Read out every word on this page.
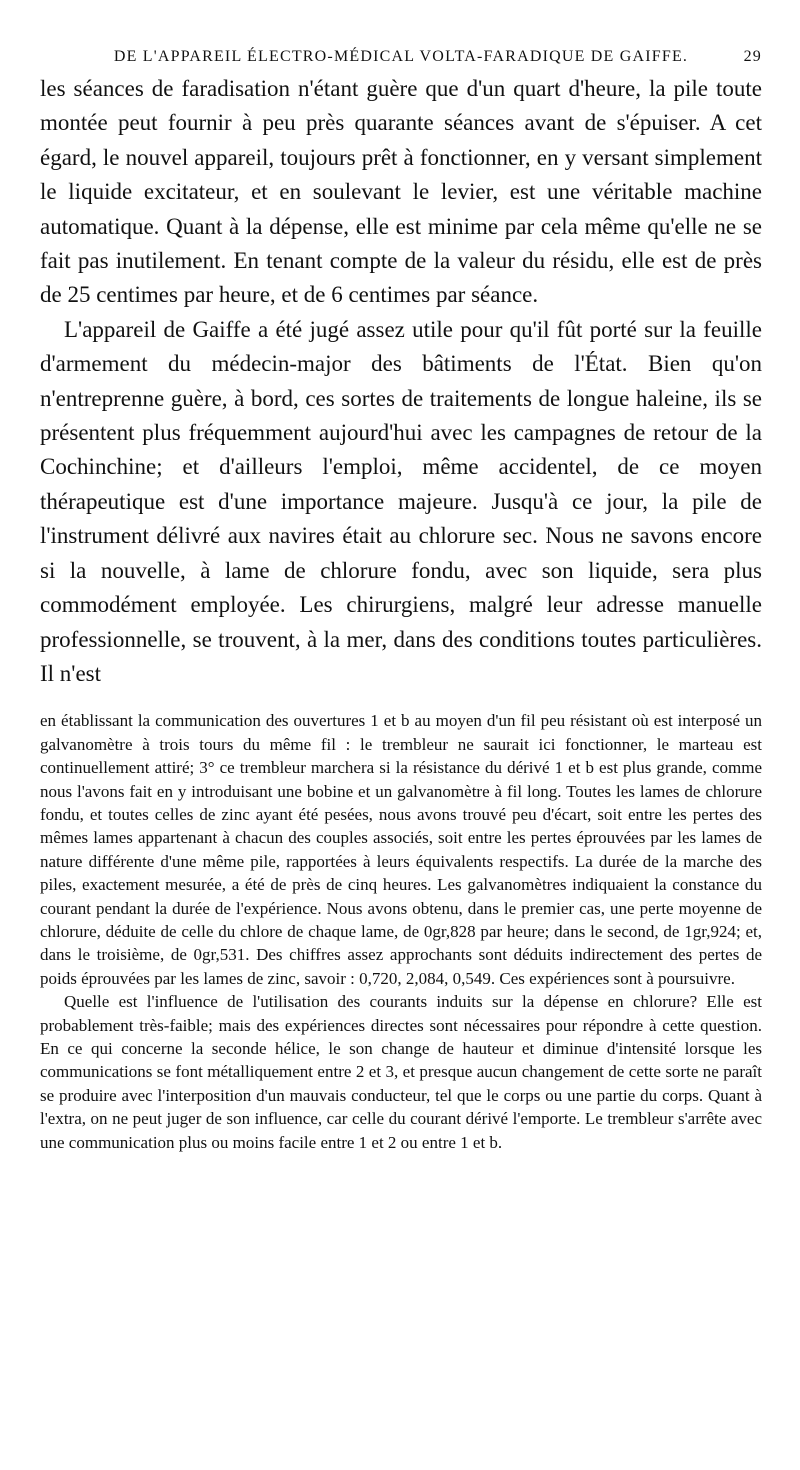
DE L'APPAREIL ÉLECTRO-MÉDICAL VOLTA-FARADIQUE DE GAIFFE.	29

les séances de faradisation n'étant guère que d'un quart d'heure, la pile toute montée peut fournir à peu près quarante séances avant de s'épuiser. A cet égard, le nouvel appareil, toujours prêt à fonctionner, en y versant simplement le liquide excitateur, et en soulevant le levier, est une véritable machine automatique. Quant à la dépense, elle est minime par cela même qu'elle ne se fait pas inutilement. En tenant compte de la valeur du résidu, elle est de près de 25 centimes par heure, et de 6 centimes par séance.

L'appareil de Gaiffe a été jugé assez utile pour qu'il fût porté sur la feuille d'armement du médecin-major des bâtiments de l'État. Bien qu'on n'entreprenne guère, à bord, ces sortes de traitements de longue haleine, ils se présentent plus fréquemment aujourd'hui avec les campagnes de retour de la Cochinchine; et d'ailleurs l'emploi, même accidentel, de ce moyen thérapeutique est d'une importance majeure. Jusqu'à ce jour, la pile de l'instrument délivré aux navires était au chlorure sec. Nous ne savons encore si la nouvelle, à lame de chlorure fondu, avec son liquide, sera plus commodément employée. Les chirurgiens, malgré leur adresse manuelle professionnelle, se trouvent, à la mer, dans des conditions toutes particulières. Il n'est

en établissant la communication des ouvertures 1 et b au moyen d'un fil peu résistant où est interposé un galvanomètre à trois tours du même fil : le trembleur ne saurait ici fonctionner, le marteau est continuellement attiré; 3° ce trembleur marchera si la résistance du dérivé 1 et b est plus grande, comme nous l'avons fait en y introduisant une bobine et un galvanomètre à fil long. Toutes les lames de chlorure fondu, et toutes celles de zinc ayant été pesées, nous avons trouvé peu d'écart, soit entre les pertes des mêmes lames appartenant à chacun des couples associés, soit entre les pertes éprouvées par les lames de nature différente d'une même pile, rapportées à leurs équivalents respectifs. La durée de la marche des piles, exactement mesurée, a été de près de cinq heures. Les galvanomètres indiquaient la constance du courant pendant la durée de l'expérience. Nous avons obtenu, dans le premier cas, une perte moyenne de chlorure, déduite de celle du chlore de chaque lame, de 0gr,828 par heure; dans le second, de 1gr,924; et, dans le troisième, de 0gr,531. Des chiffres assez approchants sont déduits indirectement des pertes de poids éprouvées par les lames de zinc, savoir : 0,720, 2,084, 0,549. Ces expériences sont à poursuivre.

Quelle est l'influence de l'utilisation des courants induits sur la dépense en chlorure? Elle est probablement très-faible; mais des expériences directes sont nécessaires pour répondre à cette question. En ce qui concerne la seconde hélice, le son change de hauteur et diminue d'intensité lorsque les communications se font métalliquement entre 2 et 3, et presque aucun changement de cette sorte ne paraît se produire avec l'interposition d'un mauvais conducteur, tel que le corps ou une partie du corps. Quant à l'extra, on ne peut juger de son influence, car celle du courant dérivé l'emporte. Le trembleur s'arrête avec une communication plus ou moins facile entre 1 et 2 ou entre 1 et b.
